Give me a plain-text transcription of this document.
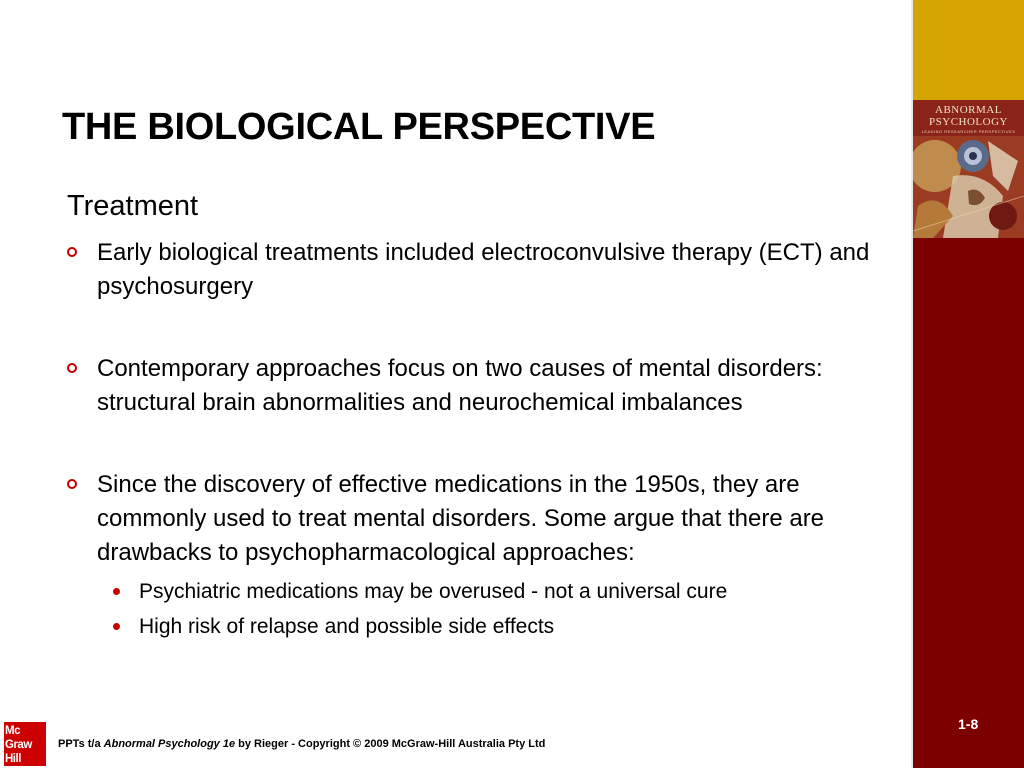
ABNORMAL
PSYCHOLOGY
LEADING RESEARCHER PERSPECTIVES
THE BIOLOGICAL PERSPECTIVE
Treatment
Early biological treatments included electroconvulsive therapy (ECT) and psychosurgery
Contemporary approaches focus on two causes of mental disorders: structural brain abnormalities and neurochemical imbalances
Since the discovery of effective medications in the 1950s, they are commonly used to treat mental disorders. Some argue that there are drawbacks to psychopharmacological approaches:
Psychiatric medications may be overused - not a universal cure
High risk of relapse and possible side effects
Mc
Graw
Hill
PPTs t/a Abnormal Psychology 1e by Rieger - Copyright © 2009 McGraw-Hill Australia Pty Ltd
1-8
